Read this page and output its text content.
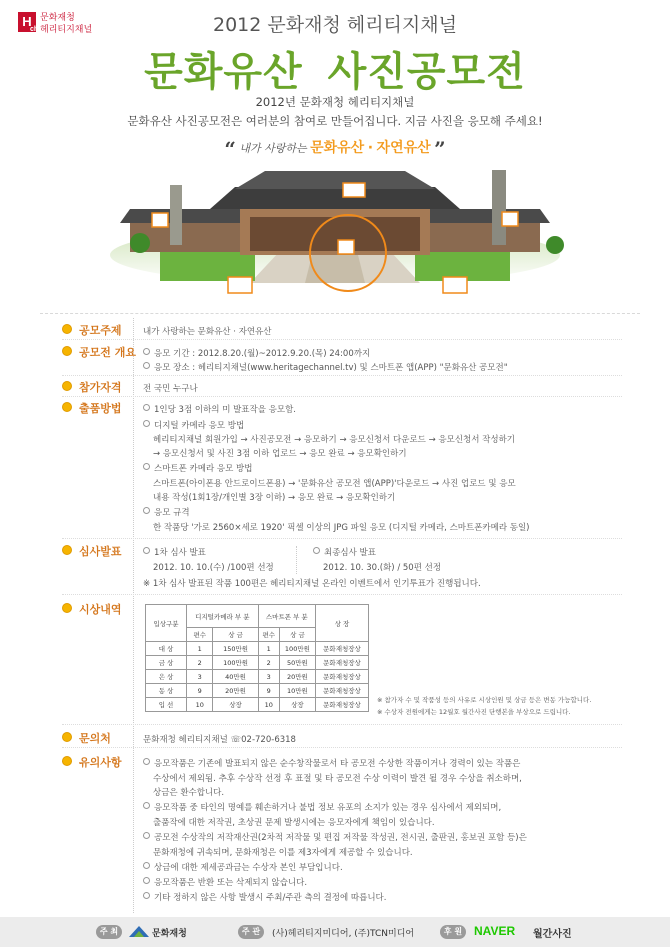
H
ch
문화재청
헤리티지채널	2012 문화재청 헤리티지채널
문화유산 사진공모전
2012년 문화재청 헤리티지채널
문화유산 사진공모전은 여러분의 참여로 만들어집니다. 지금 사진을 응모해 주세요!
“ 내가 사랑하는 문화유산 · 자연유산 ”
공모주제	내가 사랑하는 문화유산 · 자연유산
공모전 개요	응모 기간 : 2012.8.20.(월)~2012.9.20.(목) 24:00까지
응모 장소 : 헤리티지채널(www.heritagechannel.tv) 및 스마트폰 앱(APP) "문화유산 공모전"
참가자격	전 국민 누구나
출품방법	1인당 3점 이하의 미 발표작을 응모함.
디지털 카메라 응모 방법
헤리티지채널 회원가입 → 사진공모전 → 응모하기 → 응모신청서 다운로드 → 응모신청서 작성하기
→ 응모신청서 및 사진 3점 이하 업로드 → 응모 완료 → 응모확인하기
스마트폰 카메라 응모 방법
스마트폰(아이폰용 안드로이드폰용) → '문화유산 공모전 앱(APP)'다운로드 → 사진 업로드 및 응모
내용 작성(1회1장/개인별 3장 이하) → 응모 완료 → 응모확인하기
응모 규격
한 작품당 '가로 2560×세로 1920' 픽셀 이상의 JPG 파일 응모 (디지털 카메라, 스마트폰카메라 동일)
심사발표	1차 심사 발표
2012. 10. 10.(수) /100편 선정
최종심사 발표
2012. 10. 30.(화) / 50편 선정
※ 1차 심사 발표된 작품 100편은 헤리티지채널 온라인 이벤트에서 인기투표가 진행됩니다.
시상내역
입상구분	디지털카메라 부 분		스마트폰 부 분		상 장
	편수	상 금	편수	상 금	
대 상	1	150만원	1	100만원	문화재청장상
금 상	2	100만원	2	50만원	문화재청장상
은 상	3	40만원	3	20만원	문화재청장상
동 상	9	20만원	9	10만원	문화재청장상
입 선	10	상장	10	상장	문화재청장상
※ 참가자 수 및 작품성 등의 사유로 시상인원 및 상금 등은 변동 가능합니다.
※ 수상자 전원에게는 12월호 월간사진 단행본을 부상으로 드립니다.
문의처	문화재청 헤리티지채널 ☏02-720-6318
유의사항	응모작품은 기존에 발표되지 않은 순수창작물로서 타 공모전 수상한 작품이거나 경력이 있는 작품은
수상에서 제외됨. 추후 수상작 선정 후 표절 및 타 공모전 수상 이력이 발견 될 경우 수상을 취소하며,
상금은 환수합니다.
응모작품 중 타인의 명예를 훼손하거나 불법 정보 유포의 소지가 있는 경우 심사에서 제외되며,
출품작에 대한 저작권, 초상권 문제 발생시에는 응모자에게 책임이 있습니다.
공모전 수상작의 저작재산권(2차적 저작물 및 편집 저작물 작성권, 전시권, 출판권, 홍보권 포함 등)은
문화재청에 귀속되며, 문화재청은 이를 제3자에게 제공할 수 있습니다.
상금에 대한 제세공과금는 수상자 본인 부담입니다.
응모작품은 반환 또는 삭제되지 않습니다.
기타 정하지 않은 사항 발생시 주최/주관 측의 결정에 따릅니다.
주 최	문화재청	주 관	(사)헤리티지미디어, (주)TCN미디어	후 원 NAVER 월간사진
